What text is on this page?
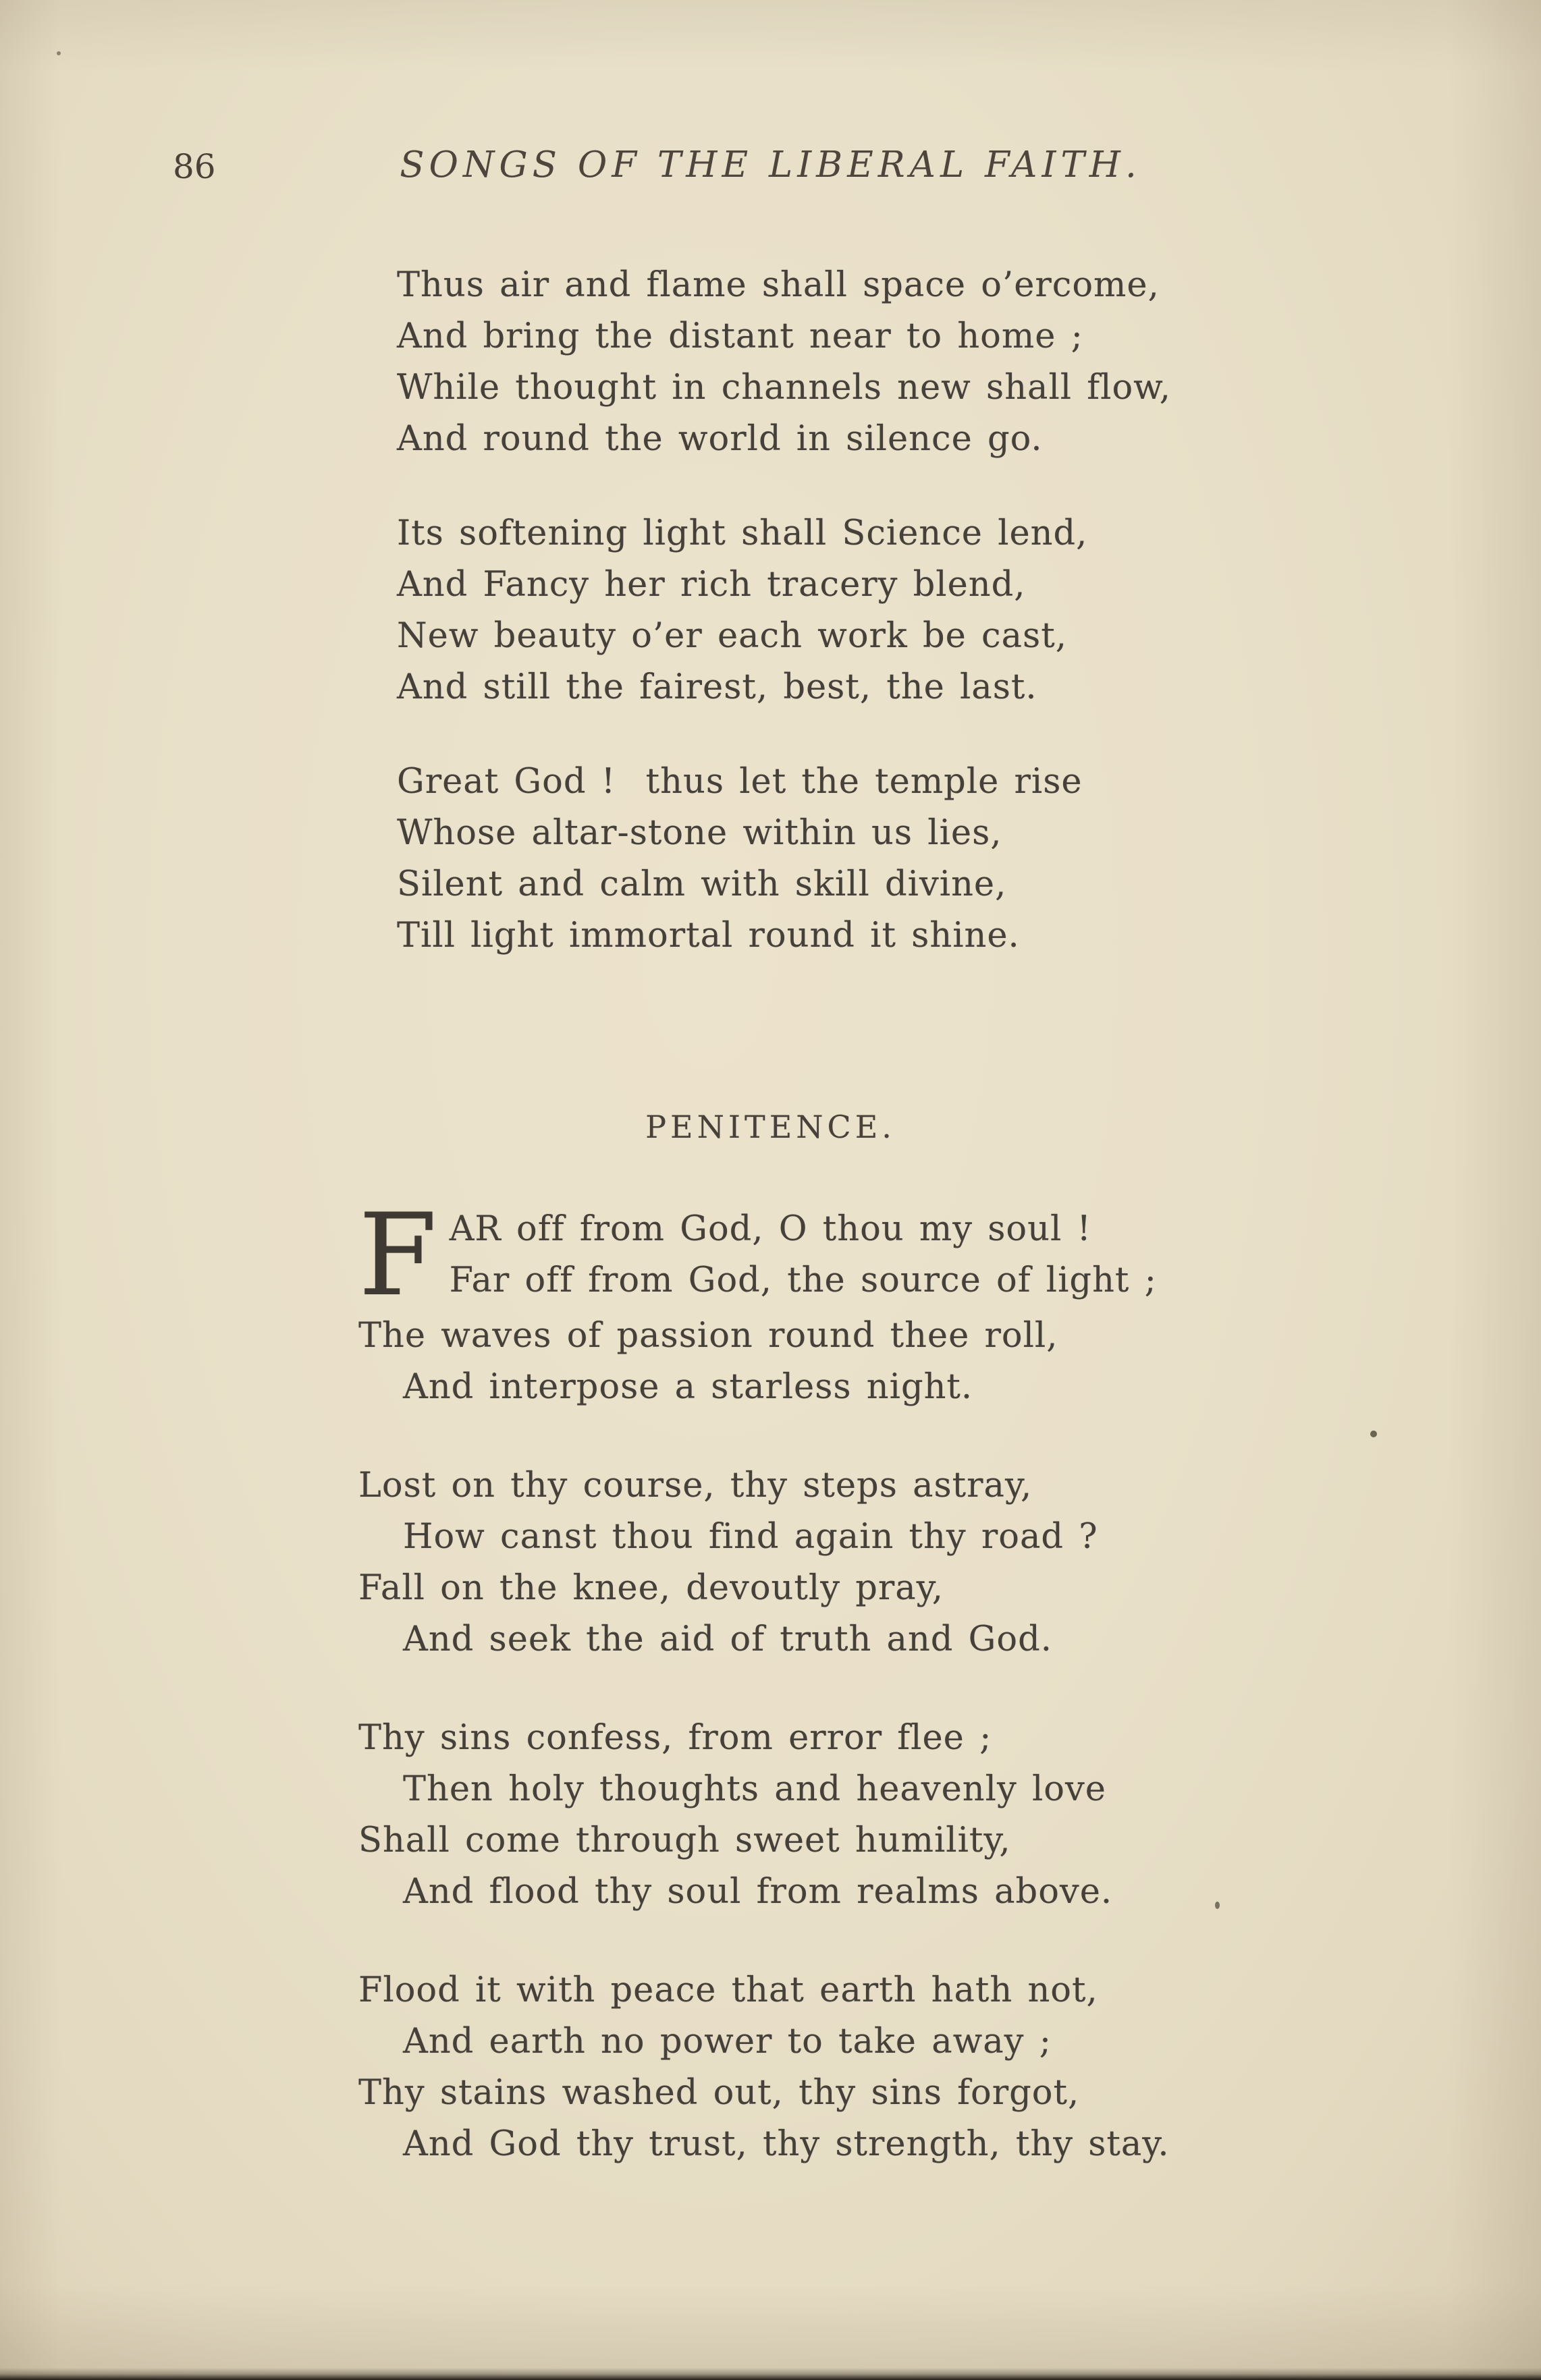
86	SONGS OF THE LIBERAL FAITH.
Thus air and flame shall space o’ercome,
And bring the distant near to home ;
While thought in channels new shall flow,
And round the world in silence go.
Its softening light shall Science lend,
And Fancy her rich tracery blend,
New beauty o’er each work be cast,
And still the fairest, best, the last.
Great God !  thus let the temple rise
Whose altar-stone within us lies,
Silent and calm with skill divine,
Till light immortal round it shine.
PENITENCE.
F AR off from God, O thou my soul !
Far off from God, the source of light ;
The waves of passion round thee roll,
And interpose a starless night.
Lost on thy course, thy steps astray,
How canst thou find again thy road ?
Fall on the knee, devoutly pray,
And seek the aid of truth and God.
Thy sins confess, from error flee ;
Then holy thoughts and heavenly love
Shall come through sweet humility,
And flood thy soul from realms above.
Flood it with peace that earth hath not,
And earth no power to take away ;
Thy stains washed out, thy sins forgot,
And God thy trust, thy strength, thy stay.
